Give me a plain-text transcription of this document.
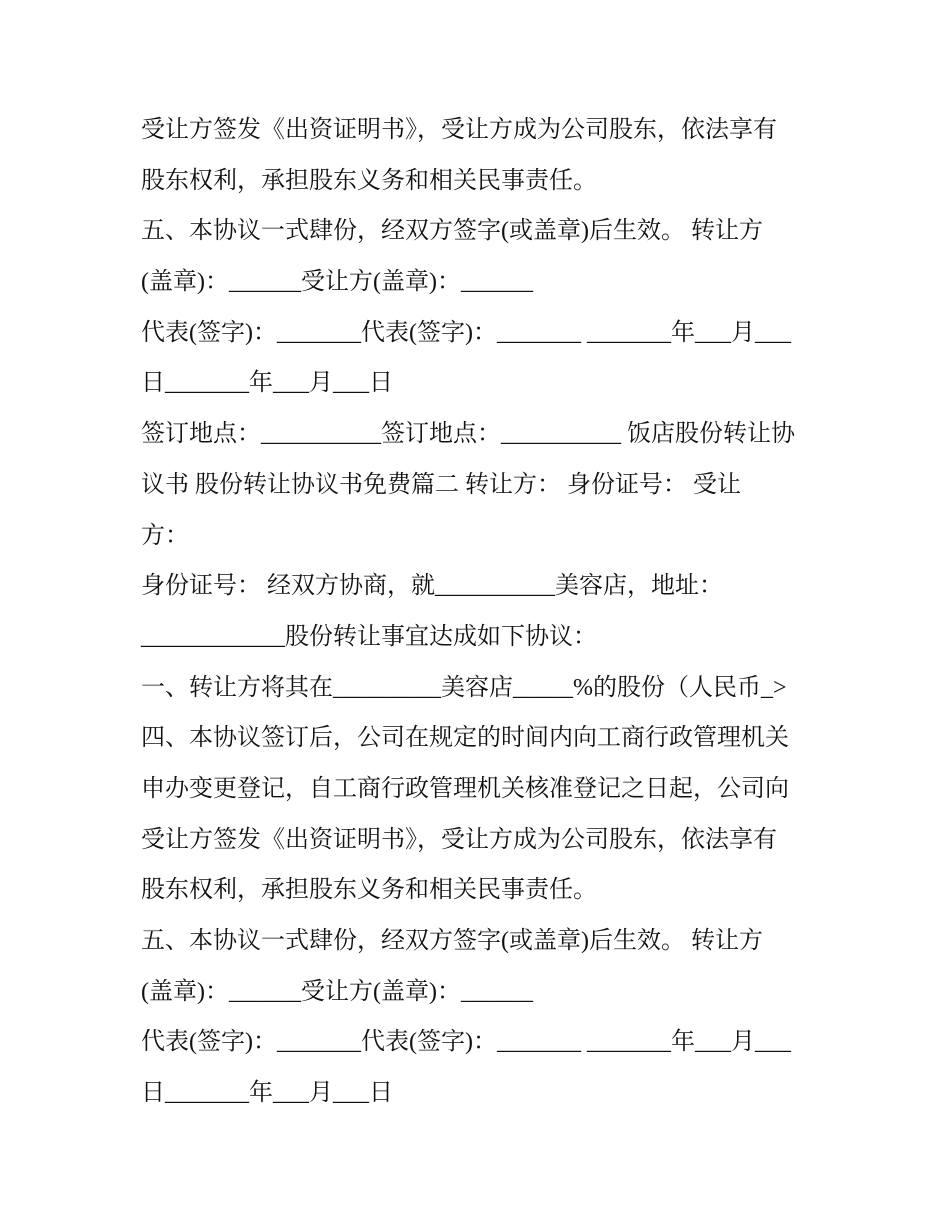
受让方签发《出资证明书》，受让方成为公司股东，依法享有
股东权利，承担股东义务和相关民事责任。
五、本协议一式肆份，经双方签字(或盖章)后生效。 转让方
(盖章)：______受让方(盖章)：______
代表(签字)：_______代表(签字)：_______ _______年___月___
日_______年___月___日
签订地点：__________签订地点：__________ 饭店股份转让协
议书 股份转让协议书免费篇二 转让方： 身份证号： 受让
方：
身份证号： 经双方协商，就__________美容店，地址：
____________股份转让事宜达成如下协议：
一、转让方将其在_________美容店_____%的股份（人民币_>
四、本协议签订后，公司在规定的时间内向工商行政管理机关
申办变更登记，自工商行政管理机关核准登记之日起，公司向
受让方签发《出资证明书》，受让方成为公司股东，依法享有
股东权利，承担股东义务和相关民事责任。
五、本协议一式肆份，经双方签字(或盖章)后生效。 转让方
(盖章)：______受让方(盖章)：______
代表(签字)：_______代表(签字)：_______ _______年___月___
日_______年___月___日
